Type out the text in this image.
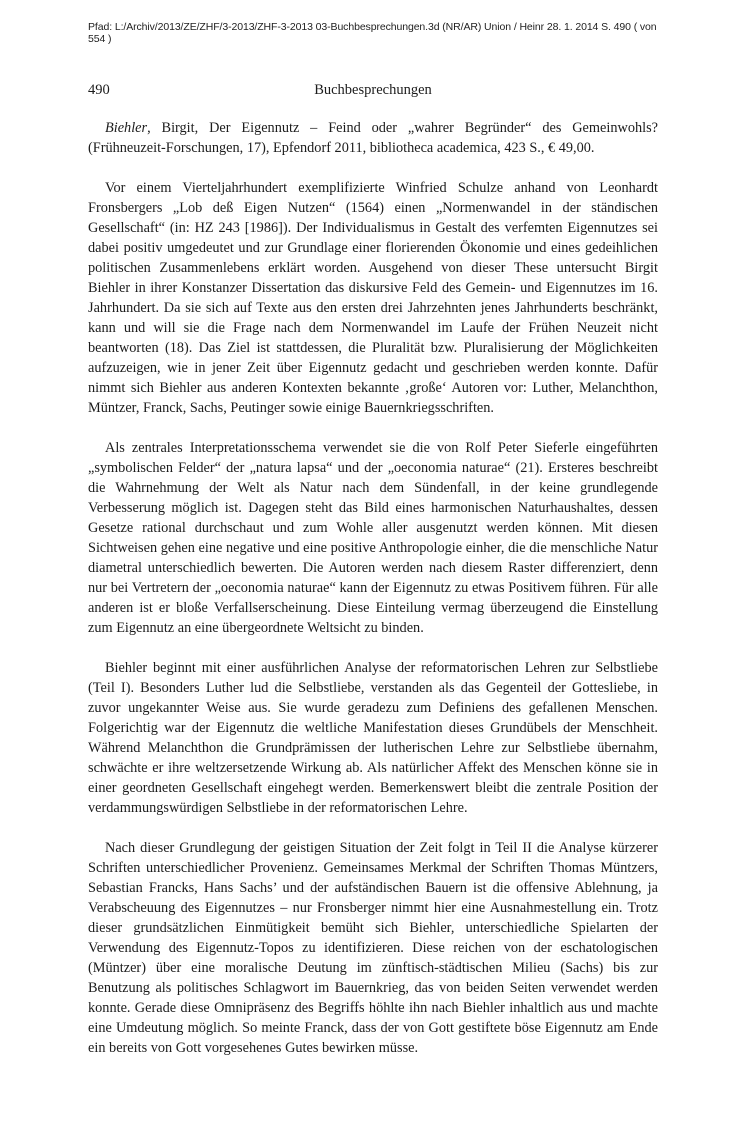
Pfad: L:/Archiv/2013/ZE/ZHF/3-2013/ZHF-3-2013 03-Buchbesprechungen.3d (NR/AR) Union / Heinr 28. 1. 2014 S. 490 ( von 554 )
490	Buchbesprechungen

Biehler, Birgit, Der Eigennutz – Feind oder „wahrer Begründer“ des Gemeinwohls? (Frühneuzeit-Forschungen, 17), Epfendorf 2011, bibliotheca academica, 423 S., € 49,00.

Vor einem Vierteljahrhundert exemplifizierte Winfried Schulze anhand von Leonhardt Fronsbergers „Lob deß Eigen Nutzen“ (1564) einen „Normenwandel in der ständischen Gesellschaft“ (in: HZ 243 [1986]). Der Individualismus in Gestalt des verfemten Eigennutzes sei dabei positiv umgedeutet und zur Grundlage einer florierenden Ökonomie und eines gedeihlichen politischen Zusammenlebens erklärt worden. Ausgehend von dieser These untersucht Birgit Biehler in ihrer Konstanzer Dissertation das diskursive Feld des Gemein- und Eigennutzes im 16. Jahrhundert. Da sie sich auf Texte aus den ersten drei Jahrzehnten jenes Jahrhunderts beschränkt, kann und will sie die Frage nach dem Normenwandel im Laufe der Frühen Neuzeit nicht beantworten (18). Das Ziel ist stattdessen, die Pluralität bzw. Pluralisierung der Möglichkeiten aufzuzeigen, wie in jener Zeit über Eigennutz gedacht und geschrieben werden konnte. Dafür nimmt sich Biehler aus anderen Kontexten bekannte ‚große‘ Autoren vor: Luther, Melanchthon, Müntzer, Franck, Sachs, Peutinger sowie einige Bauernkriegsschriften.

Als zentrales Interpretationsschema verwendet sie die von Rolf Peter Sieferle eingeführten „symbolischen Felder“ der „natura lapsa“ und der „oeconomia naturae“ (21). Ersteres beschreibt die Wahrnehmung der Welt als Natur nach dem Sündenfall, in der keine grundlegende Verbesserung möglich ist. Dagegen steht das Bild eines harmonischen Naturhaushaltes, dessen Gesetze rational durchschaut und zum Wohle aller ausgenutzt werden können. Mit diesen Sichtweisen gehen eine negative und eine positive Anthropologie einher, die die menschliche Natur diametral unterschiedlich bewerten. Die Autoren werden nach diesem Raster differenziert, denn nur bei Vertretern der „oeconomia naturae“ kann der Eigennutz zu etwas Positivem führen. Für alle anderen ist er bloße Verfallserscheinung. Diese Einteilung vermag überzeugend die Einstellung zum Eigennutz an eine übergeordnete Weltsicht zu binden.

Biehler beginnt mit einer ausführlichen Analyse der reformatorischen Lehren zur Selbstliebe (Teil I). Besonders Luther lud die Selbstliebe, verstanden als das Gegenteil der Gottesliebe, in zuvor ungekannter Weise aus. Sie wurde geradezu zum Definiens des gefallenen Menschen. Folgerichtig war der Eigennutz die weltliche Manifestation dieses Grundübels der Menschheit. Während Melanchthon die Grundprämissen der lutherischen Lehre zur Selbstliebe übernahm, schwächte er ihre weltzersetzende Wirkung ab. Als natürlicher Affekt des Menschen könne sie in einer geordneten Gesellschaft eingehegt werden. Bemerkenswert bleibt die zentrale Position der verdammungswürdigen Selbstliebe in der reformatorischen Lehre.

Nach dieser Grundlegung der geistigen Situation der Zeit folgt in Teil II die Analyse kürzerer Schriften unterschiedlicher Provenienz. Gemeinsames Merkmal der Schriften Thomas Müntzers, Sebastian Francks, Hans Sachs’ und der aufständischen Bauern ist die offensive Ablehnung, ja Verabscheuung des Eigennutzes – nur Fronsberger nimmt hier eine Ausnahmestellung ein. Trotz dieser grundsätzlichen Einmütigkeit bemüht sich Biehler, unterschiedliche Spielarten der Verwendung des Eigennutz-Topos zu identifizieren. Diese reichen von der eschatologischen (Müntzer) über eine moralische Deutung im zünftisch-städtischen Milieu (Sachs) bis zur Benutzung als politisches Schlagwort im Bauernkrieg, das von beiden Seiten verwendet werden konnte. Gerade diese Omnipräsenz des Begriffs höhlte ihn nach Biehler inhaltlich aus und machte eine Umdeutung möglich. So meinte Franck, dass der von Gott gestiftete böse Eigennutz am Ende ein bereits von Gott vorgesehenes Gutes bewirken müsse.
